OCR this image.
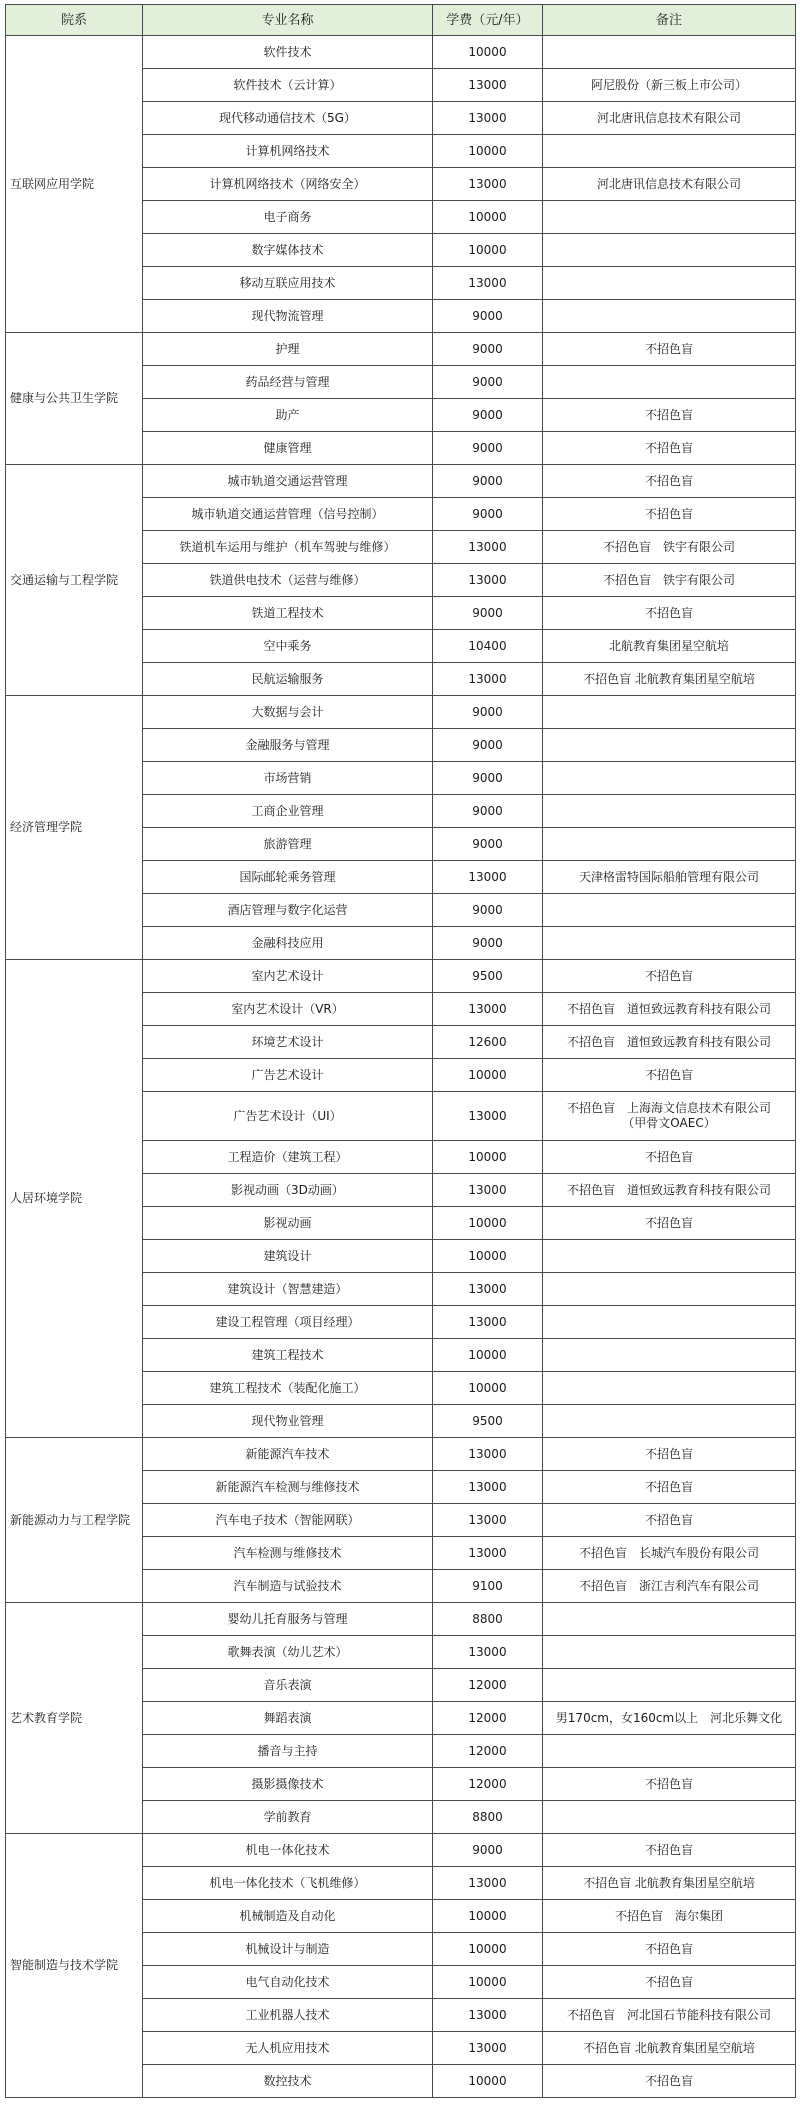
院系	专业名称	学费（元/年）	备注
互联网应用学院	软件技术	10000	

	软件技术（云计算）	13000	阿尼股份（新三板上市公司）

	现代移动通信技术（5G）	13000	河北唐讯信息技术有限公司

	计算机网络技术	10000	

	计算机网络技术（网络安全）	13000	河北唐讯信息技术有限公司

	电子商务	10000	

	数字媒体技术	10000	

	移动互联应用技术	13000	

	现代物流管理	9000	

健康与公共卫生学院	护理	9000	不招色盲

	药品经营与管理	9000	

	助产	9000	不招色盲

	健康管理	9000	不招色盲

交通运输与工程学院	城市轨道交通运营管理	9000	不招色盲

	城市轨道交通运营管理（信号控制）	9000	不招色盲

	铁道机车运用与维护（机车驾驶与维修）	13000	不招色盲　铁宇有限公司

	铁道供电技术（运营与维修）	13000	不招色盲　铁宇有限公司

	铁道工程技术	9000	不招色盲

	空中乘务	10400	北航教育集团星空航培

	民航运输服务	13000	不招色盲 北航教育集团星空航培

经济管理学院	大数据与会计	9000	

	金融服务与管理	9000	

	市场营销	9000	

	工商企业管理	9000	

	旅游管理	9000	

	国际邮轮乘务管理	13000	天津格雷特国际船舶管理有限公司

	酒店管理与数字化运营	9000	

	金融科技应用	9000	

人居环境学院	室内艺术设计	9500	不招色盲

	室内艺术设计（VR）	13000	不招色盲　道恒致远教育科技有限公司

	环境艺术设计	12600	不招色盲　道恒致远教育科技有限公司

	广告艺术设计	10000	不招色盲

	广告艺术设计（UI）	13000	不招色盲　上海海文信息技术有限公司
（甲骨文OAEC）

	工程造价（建筑工程）	10000	不招色盲

	影视动画（3D动画）	13000	不招色盲　道恒致远教育科技有限公司

	影视动画	10000	不招色盲

	建筑设计	10000	

	建筑设计（智慧建造）	13000	

	建设工程管理（项目经理）	13000	

	建筑工程技术	10000	

	建筑工程技术（装配化施工）	10000	

	现代物业管理	9500	

新能源动力与工程学院	新能源汽车技术	13000	不招色盲

	新能源汽车检测与维修技术	13000	不招色盲

	汽车电子技术（智能网联）	13000	不招色盲

	汽车检测与维修技术	13000	不招色盲　长城汽车股份有限公司

	汽车制造与试验技术	9100	不招色盲　浙江吉利汽车有限公司

艺术教育学院	婴幼儿托育服务与管理	8800	

	歌舞表演（幼儿艺术）	13000	

	音乐表演	12000	

	舞蹈表演	12000	男170cm，女160cm以上　河北乐舞文化

	播音与主持	12000	

	摄影摄像技术	12000	不招色盲

	学前教育	8800	

智能制造与技术学院	机电一体化技术	9000	不招色盲

	机电一体化技术（飞机维修）	13000	不招色盲 北航教育集团星空航培

	机械制造及自动化	10000	不招色盲　海尔集团

	机械设计与制造	10000	不招色盲

	电气自动化技术	10000	不招色盲

	工业机器人技术	13000	不招色盲　河北国石节能科技有限公司

	无人机应用技术	13000	不招色盲 北航教育集团星空航培

	数控技术	10000	不招色盲
